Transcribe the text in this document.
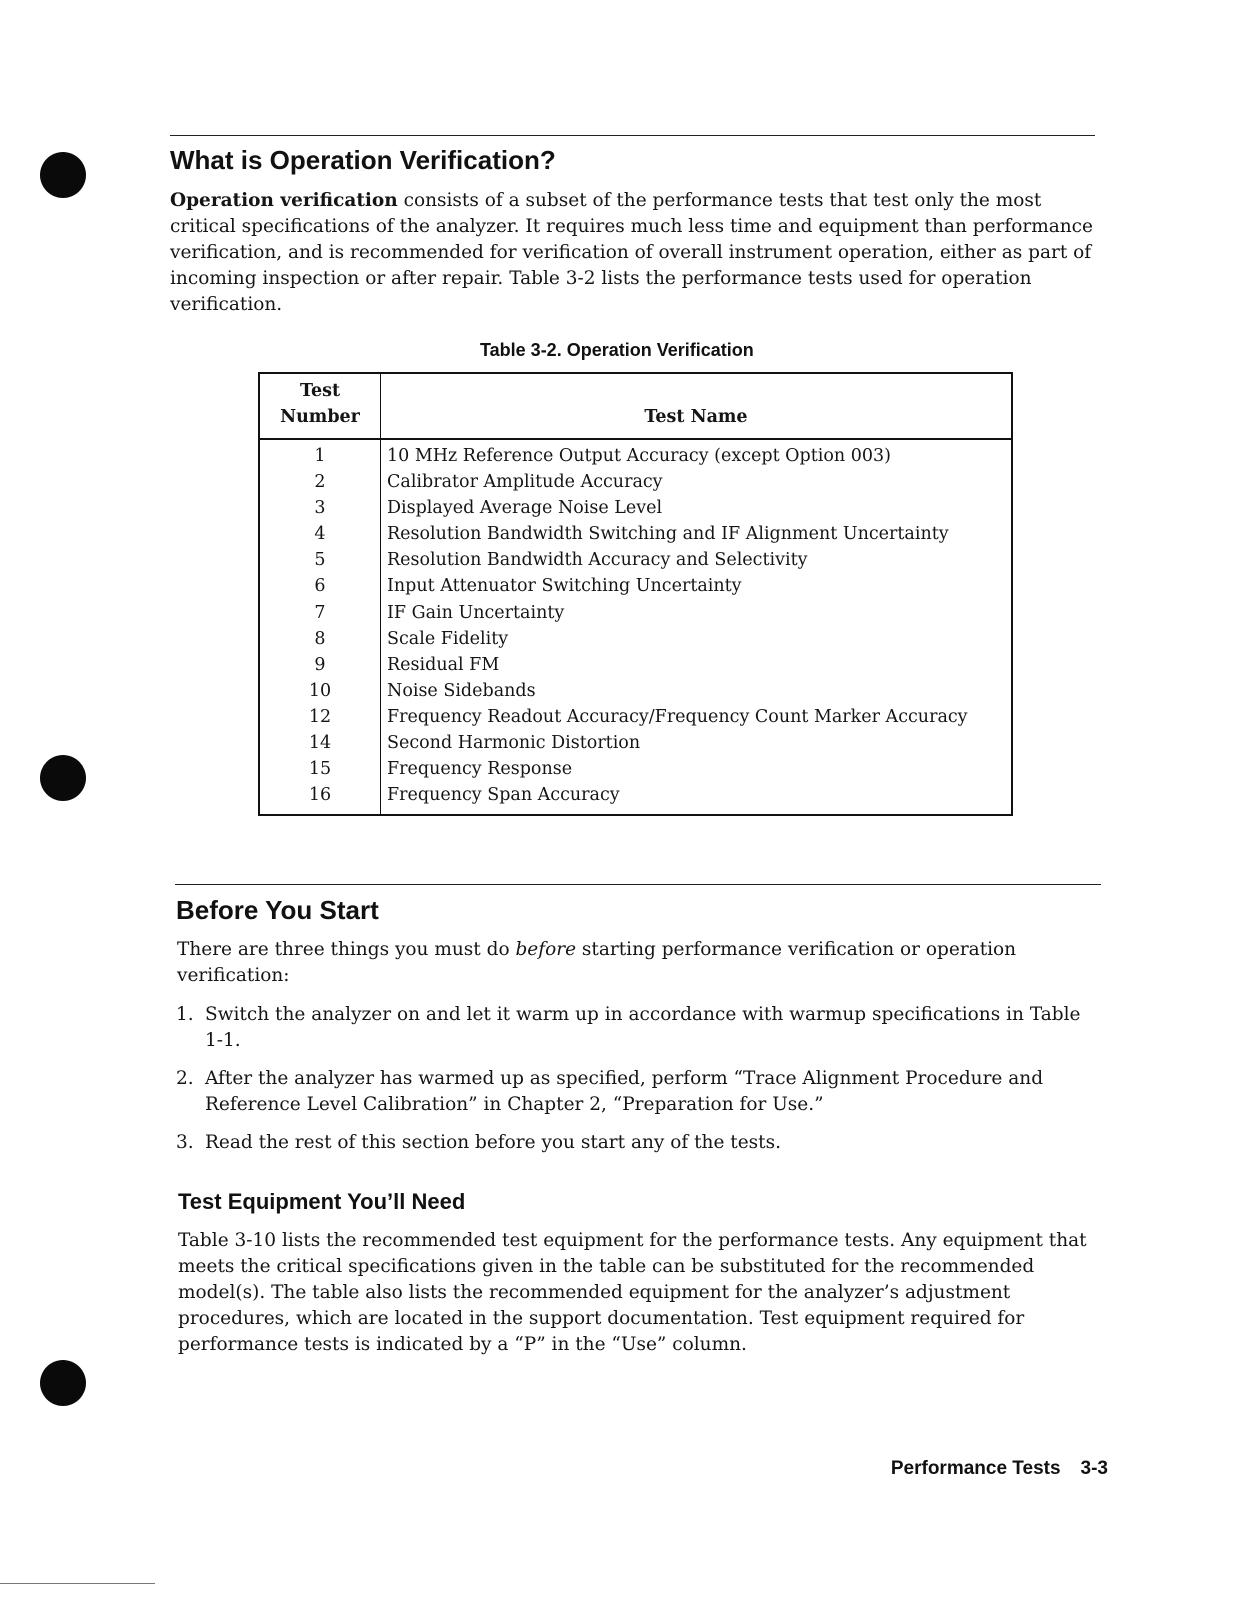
What is Operation Verification?

Operation verification consists of a subset of the performance tests that test only the most critical specifications of the analyzer. It requires much less time and equipment than performance verification, and is recommended for verification of overall instrument operation, either as part of incoming inspection or after repair. Table 3-2 lists the performance tests used for operation verification.

Table 3-2. Operation Verification

Test
Number	Test Name
1	10 MHz Reference Output Accuracy (except Option 003)
2	Calibrator Amplitude Accuracy
3	Displayed Average Noise Level
4	Resolution Bandwidth Switching and IF Alignment Uncertainty
5	Resolution Bandwidth Accuracy and Selectivity
6	Input Attenuator Switching Uncertainty
7	IF Gain Uncertainty
8	Scale Fidelity
9	Residual FM
10	Noise Sidebands
12	Frequency Readout Accuracy/Frequency Count Marker Accuracy
14	Second Harmonic Distortion
15	Frequency Response
16	Frequency Span Accuracy
Before You Start

There are three things you must do before starting performance verification or operation verification:

1. Switch the analyzer on and let it warm up in accordance with warmup specifications in Table 1-1.
2. After the analyzer has warmed up as specified, perform “Trace Alignment Procedure and Reference Level Calibration” in Chapter 2, “Preparation for Use.”
3. Read the rest of this section before you start any of the tests.
Test Equipment You’ll Need

Table 3-10 lists the recommended test equipment for the performance tests. Any equipment that meets the critical specifications given in the table can be substituted for the recommended model(s). The table also lists the recommended equipment for the analyzer’s adjustment procedures, which are located in the support documentation. Test equipment required for performance tests is indicated by a “P” in the “Use” column.

Performance Tests 3-3
